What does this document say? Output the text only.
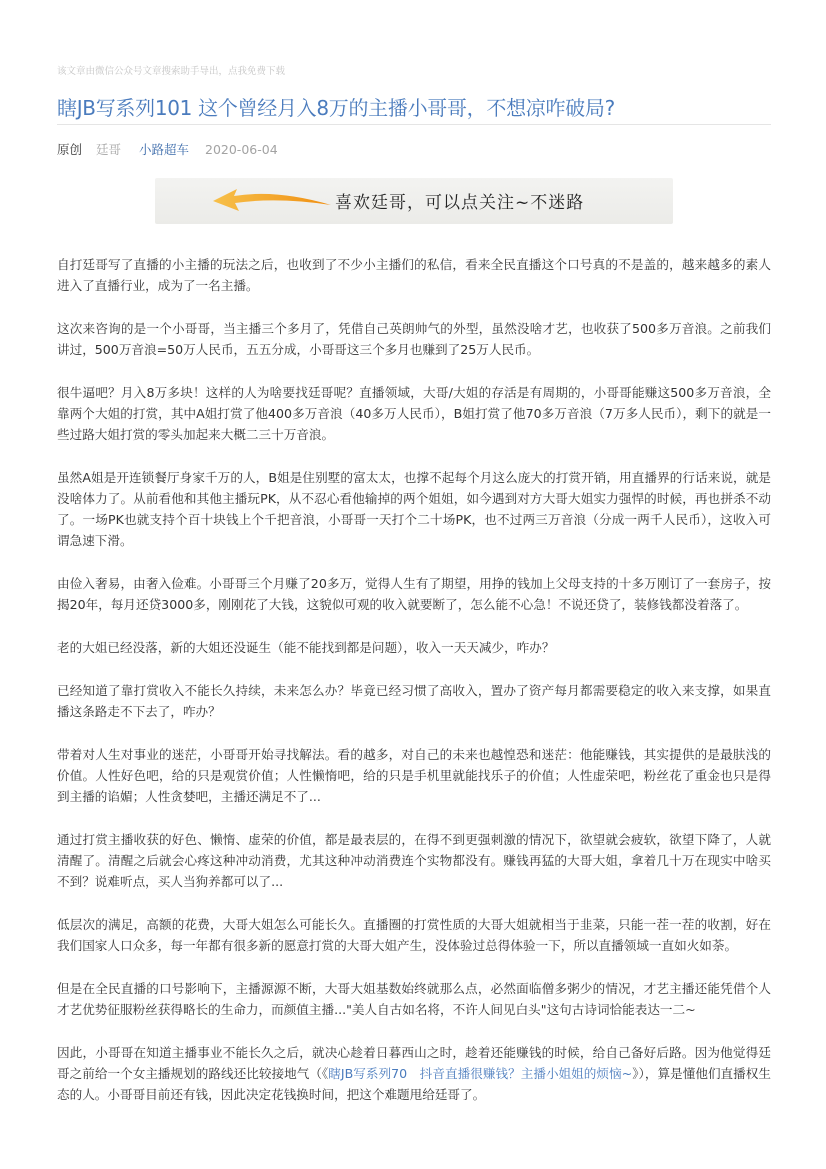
该文章由微信公众号文章搜索助手导出，点我免费下载
瞎JB写系列101 这个曾经月入8万的主播小哥哥，不想凉咋破局?
原创 廷哥 小路超车 2020-06-04
喜欢廷哥，可以点关注~不迷路

自打廷哥写了直播的小主播的玩法之后，也收到了不少小主播们的私信，看来全民直播这个口号真的不是盖的，越来越多的素人进入了直播行业，成为了一名主播。

这次来咨询的是一个小哥哥，当主播三个多月了，凭借自己英朗帅气的外型，虽然没啥才艺，也收获了500多万音浪。之前我们讲过，500万音浪=50万人民币，五五分成，小哥哥这三个多月也赚到了25万人民币。

很牛逼吧？月入8万多块！这样的人为啥要找廷哥呢？直播领域，大哥/大姐的存活是有周期的，小哥哥能赚这500多万音浪，全靠两个大姐的打赏，其中A姐打赏了他400多万音浪（40多万人民币），B姐打赏了他70多万音浪（7万多人民币），剩下的就是一些过路大姐打赏的零头加起来大概二三十万音浪。

虽然A姐是开连锁餐厅身家千万的人，B姐是住别墅的富太太，也撑不起每个月这么庞大的打赏开销，用直播界的行话来说，就是没啥体力了。从前看他和其他主播玩PK，从不忍心看他输掉的两个姐姐，如今遇到对方大哥大姐实力强悍的时候，再也拼杀不动了。一场PK也就支持个百十块钱上个千把音浪，小哥哥一天打个二十场PK，也不过两三万音浪（分成一两千人民币），这收入可谓急速下滑。

由俭入奢易，由奢入俭难。小哥哥三个月赚了20多万，觉得人生有了期望，用挣的钱加上父母支持的十多万刚订了一套房子，按揭20年，每月还贷3000多，刚刚花了大钱，这貌似可观的收入就要断了，怎么能不心急！不说还贷了，装修钱都没着落了。

老的大姐已经没落，新的大姐还没诞生（能不能找到都是问题），收入一天天减少，咋办？

已经知道了靠打赏收入不能长久持续，未来怎么办？毕竟已经习惯了高收入，置办了资产每月都需要稳定的收入来支撑，如果直播这条路走不下去了，咋办？

带着对人生对事业的迷茫，小哥哥开始寻找解法。看的越多，对自己的未来也越惶恐和迷茫：他能赚钱，其实提供的是最肤浅的价值。人性好色吧，给的只是观赏价值；人性懒惰吧，给的只是手机里就能找乐子的价值；人性虚荣吧，粉丝花了重金也只是得到主播的谄媚；人性贪婪吧，主播还满足不了...

通过打赏主播收获的好色、懒惰、虚荣的价值，都是最表层的，在得不到更强刺激的情况下，欲望就会疲软，欲望下降了，人就清醒了。清醒之后就会心疼这种冲动消费，尤其这种冲动消费连个实物都没有。赚钱再猛的大哥大姐，拿着几十万在现实中啥买不到？说难听点，买人当狗养都可以了...

低层次的满足，高额的花费，大哥大姐怎么可能长久。直播圈的打赏性质的大哥大姐就相当于韭菜，只能一茬一茬的收割，好在我们国家人口众多，每一年都有很多新的愿意打赏的大哥大姐产生，没体验过总得体验一下，所以直播领域一直如火如荼。

但是在全民直播的口号影响下，主播源源不断，大哥大姐基数始终就那么点，必然面临僧多粥少的情况，才艺主播还能凭借个人才艺优势征服粉丝获得略长的生命力，而颜值主播..."美人自古如名将，不许人间见白头"这句古诗词恰能表达一二~

因此，小哥哥在知道主播事业不能长久之后，就决心趁着日暮西山之时，趁着还能赚钱的时候，给自己备好后路。因为他觉得廷哥之前给一个女主播规划的路线还比较接地气（《瞎JB写系列70　抖音直播很赚钱？主播小姐姐的烦恼~》），算是懂他们直播权生态的人。小哥哥目前还有钱，因此决定花钱换时间，把这个难题甩给廷哥了。
